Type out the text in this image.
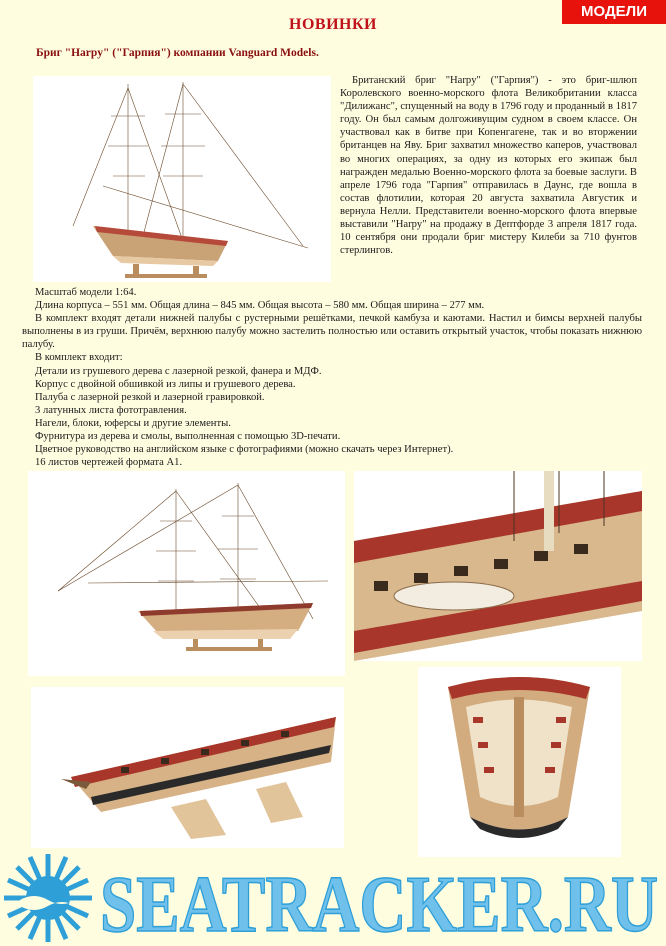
МОДЕЛИ
НОВИНКИ
Бриг "Harpy" ("Гарпия") компании Vanguard Models.
Британский бриг "Harpy" ("Гарпия") - это бриг-шлюп Королевского военно-морского флота Великобритании класса "Дилижанс", спущенный на воду в 1796 году и проданный в 1817 году. Он был самым долгоживущим судном в своем классе. Он участвовал как в битве при Копенгагене, так и во вторжении британцев на Яву. Бриг захватил множество каперов, участвовал во многих операциях, за одну из которых его экипаж был награжден медалью Военно-морского флота за боевые заслуги. В апреле 1796 года "Гарпия" отправилась в Даунс, где вошла в состав флотилии, которая 20 августа захватила Августик и вернула Нелли. Представители военно-морского флота впервые выставили "Harpy" на продажу в Дептфорде 3 апреля 1817 года. 10 сентября они продали бриг мистеру Килеби за 710 фунтов стерлингов.

Масштаб модели 1:64.

Длина корпуса – 551 мм. Общая длина – 845 мм. Общая высота – 580 мм. Общая ширина – 277 мм.

В комплект входят детали нижней палубы с рустерными решётками, печкой камбуза и каютами. Настил и бимсы верхней палубы выполнены в из груши. Причём, верхнюю палубу можно застелить полностью или оставить открытый участок, чтобы показать нижнюю палубу.

В комплект входит:

Детали из грушевого дерева с лазерной резкой, фанера и МДФ.

Корпус с двойной обшивкой из липы и грушевого дерева.

Палуба с лазерной резкой и лазерной гравировкой.

3 латунных листа фототравления.

Нагели, блоки, юферсы и другие элементы.

Фурнитура из дерева и смолы, выполненная с помощью 3D-печати.

Цветное руководство на английском языке с фотографиями (можно скачать через Интернет).

16 листов чертежей формата А1.

SEATRACKER.RU
